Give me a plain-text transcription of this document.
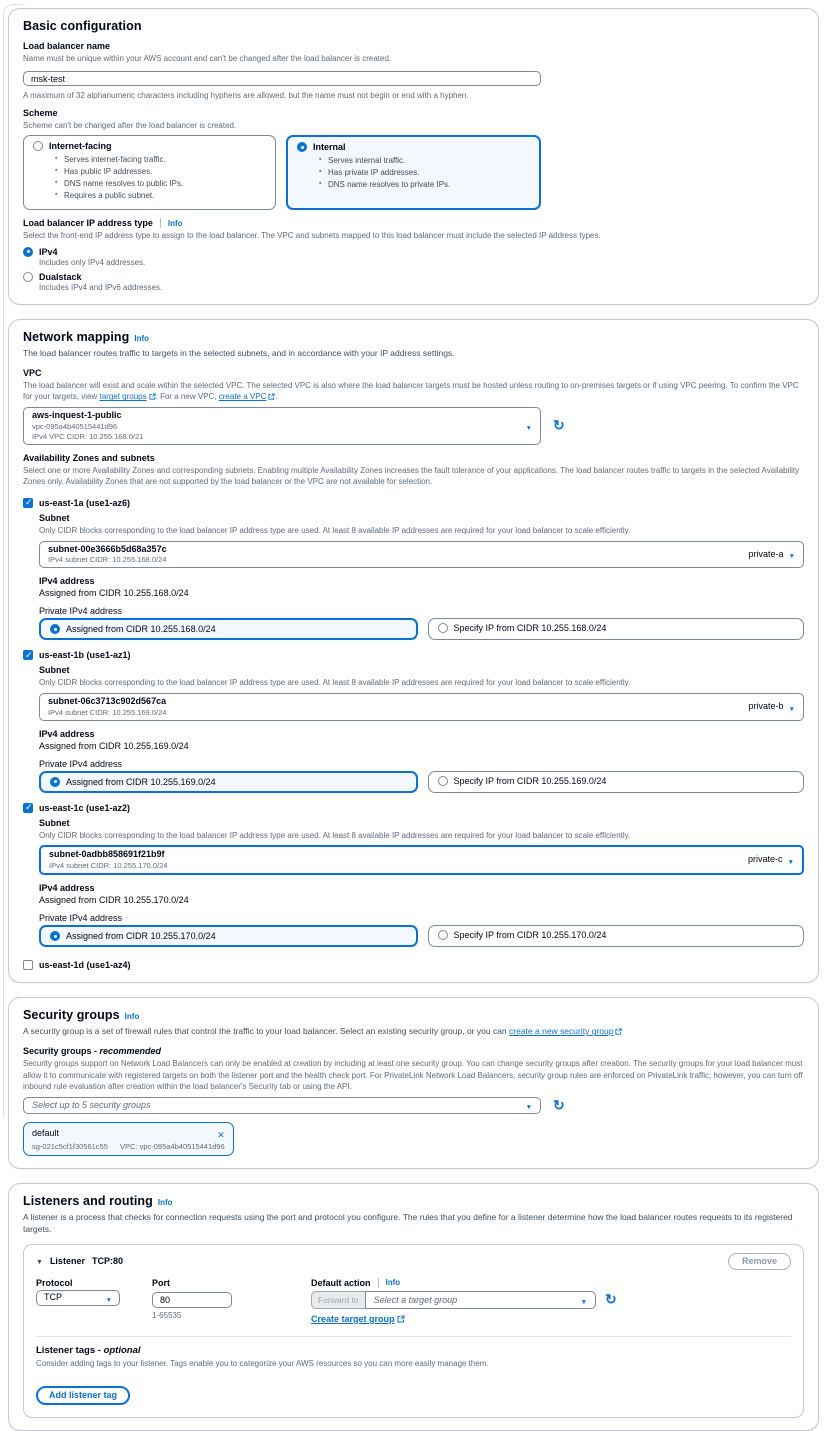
Basic configuration
Load balancer name
Name must be unique within your AWS account and can't be changed after the load balancer is created.
msk-test
A maximum of 32 alphanumeric characters including hyphens are allowed, but the name must not begin or end with a hyphen.
Scheme
Scheme can't be changed after the load balancer is created.
Internet-facing
▪ Serves internet-facing traffic.
▪ Has public IP addresses.
▪ DNS name resolves to public IPs.
▪ Requires a public subnet.
Internal
▪ Serves internal traffic.
▪ Has private IP addresses.
▪ DNS name resolves to private IPs.
Load balancer IP address type Info
Select the front-end IP address type to assign to the load balancer. The VPC and subnets mapped to this load balancer must include the selected IP address types.
IPv4
Includes only IPv4 addresses.
Dualstack
Includes IPv4 and IPv6 addresses.
Network mapping Info
The load balancer routes traffic to targets in the selected subnets, and in accordance with your IP address settings.
VPC
The load balancer will exist and scale within the selected VPC. The selected VPC is also where the load balancer targets must be hosted unless routing to on-premises targets or if using VPC peering. To confirm the VPC for your targets, view target groups . For a new VPC, create a VPC .
aws-inquest-1-public
vpc-095a4b40515441d96
IPv4 VPC CIDR: 10.255.168.0/21
▼
↻
Availability Zones and subnets
Select one or more Availability Zones and corresponding subnets. Enabling multiple Availability Zones increases the fault tolerance of your applications. The load balancer routes traffic to targets in the selected Availability Zones only. Availability Zones that are not supported by the load balancer or the VPC are not available for selection.
✓
us-east-1a (use1-az6)
Subnet
Only CIDR blocks corresponding to the load balancer IP address type are used. At least 8 available IP addresses are required for your load balancer to scale efficiently.
subnet-00e3666b5d68a357c
IPv4 subnet CIDR: 10.255.168.0/24
private-a
▼
IPv4 address
Assigned from CIDR 10.255.168.0/24
Private IPv4 address
Assigned from CIDR 10.255.168.0/24	Specify IP from CIDR 10.255.168.0/24
✓
us-east-1b (use1-az1)
Subnet
Only CIDR blocks corresponding to the load balancer IP address type are used. At least 8 available IP addresses are required for your load balancer to scale efficiently.
subnet-06c3713c902d567ca
IPv4 subnet CIDR: 10.255.169.0/24
private-b
▼
IPv4 address
Assigned from CIDR 10.255.169.0/24
Private IPv4 address
Assigned from CIDR 10.255.169.0/24	Specify IP from CIDR 10.255.169.0/24
✓
us-east-1c (use1-az2)
Subnet
Only CIDR blocks corresponding to the load balancer IP address type are used. At least 8 available IP addresses are required for your load balancer to scale efficiently.
subnet-0adbb858691f21b9f
IPv4 subnet CIDR: 10.255.170.0/24
private-c
▼
IPv4 address
Assigned from CIDR 10.255.170.0/24
Private IPv4 address
Assigned from CIDR 10.255.170.0/24	Specify IP from CIDR 10.255.170.0/24
us-east-1d (use1-az4)
Security groups Info
A security group is a set of firewall rules that control the traffic to your load balancer. Select an existing security group, or you can create a new security group
Security groups - recommended
Security groups support on Network Load Balancers can only be enabled at creation by including at least one security group. You can change security groups after creation. The security groups for your load balancer must allow it to communicate with registered targets on both the listener port and the health check port. For PrivateLink Network Load Balancers, security group rules are enforced on PrivateLink traffic; however, you can turn off inbound rule evaluation after creation within the load balancer's Security tab or using the API.
Select up to 5 security groups
▼
↻
default
✕
sg-021c5cf1f30561c55 VPC: vpc-095a4b40515441d96
Listeners and routing Info
A listener is a process that checks for connection requests using the port and protocol you configure. The rules that you define for a listener determine how the load balancer routes requests to its registered targets.
▼
Listener TCP:80	Remove
Protocol
TCP
▼
Port
80
1-65535
Default action Info
Forward to	Select a target group
▼
↻
Create target group
Listener tags - optional
Consider adding tags to your listener. Tags enable you to categorize your AWS resources so you can more easily manage them.
Add listener tag
